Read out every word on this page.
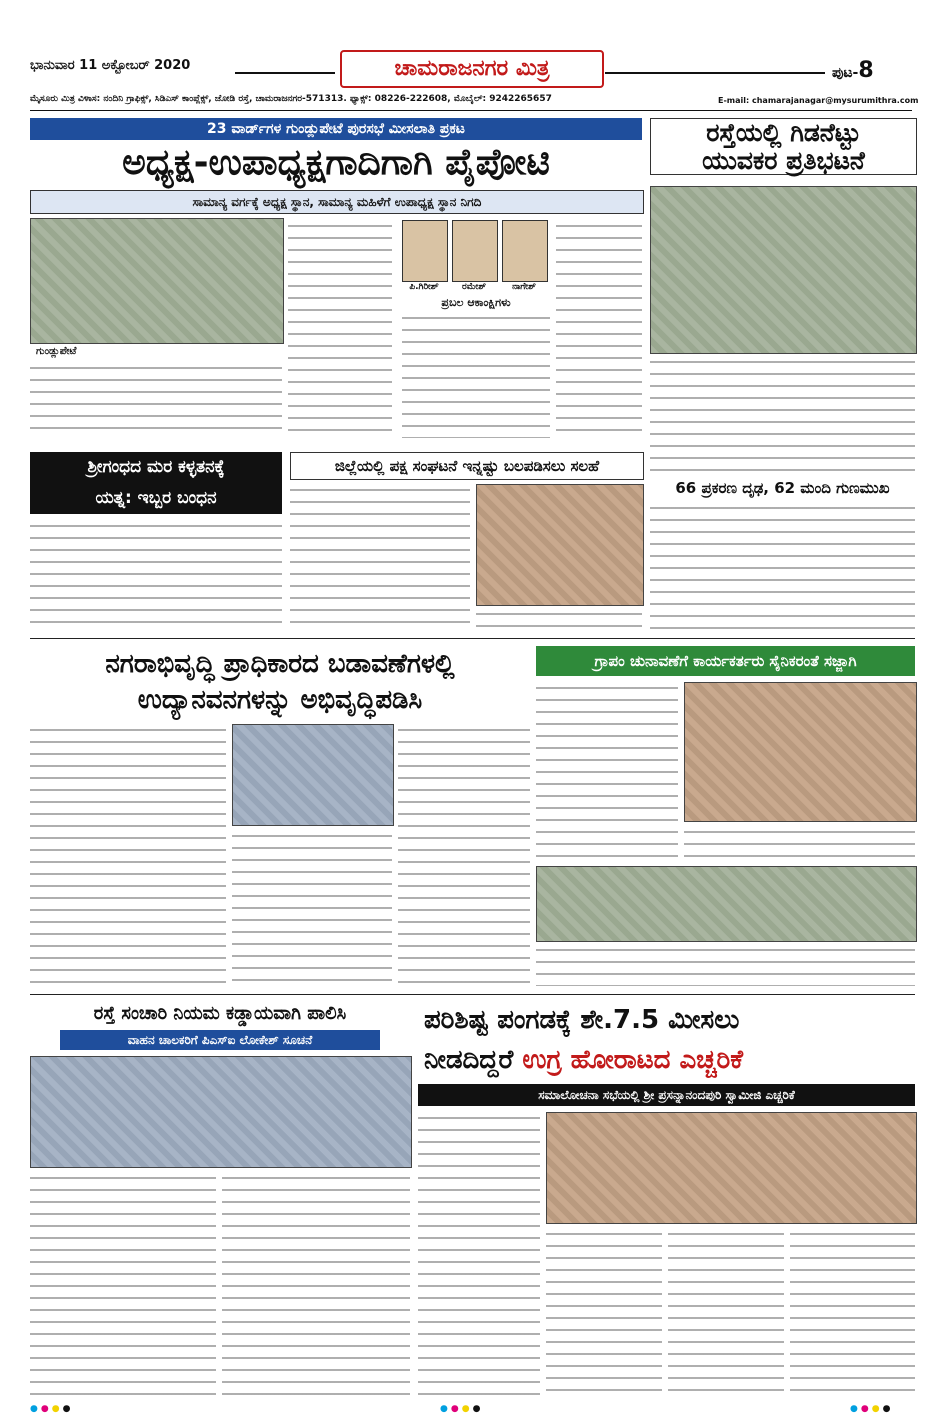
ಭಾನುವಾರ 11 ಅಕ್ಟೋಬರ್ 2020	ಚಾಮರಾಜನಗರ ಮಿತ್ರ	ಪುಟ-8
ಮೈಸೂರು ಮಿತ್ರ ವಿಳಾಸ: ನಂದಿನಿ ಗ್ರಾಫಿಕ್ಸ್, ಸಿಡಿಎಸ್ ಕಾಂಪ್ಲೆಕ್ಸ್, ಜೋಡಿ ರಸ್ತೆ, ಚಾಮರಾಜನಗರ-571313. ಫ್ಯಾಕ್ಸ್: 08226-222608, ಮೊಬೈಲ್: 9242265657	E-mail: chamarajanagar@mysurumithra.com
23 ವಾರ್ಡ್‌ಗಳ ಗುಂಡ್ಲುಪೇಟೆ ಪುರಸಭೆ ಮೀಸಲಾತಿ ಪ್ರಕಟ
ಅಧ್ಯಕ್ಷ-ಉಪಾಧ್ಯಕ್ಷಗಾದಿಗಾಗಿ ಪೈಪೋಟಿ
ಸಾಮಾನ್ಯ ವರ್ಗಕ್ಕೆ ಅಧ್ಯಕ್ಷ ಸ್ಥಾನ, ಸಾಮಾನ್ಯ ಮಹಿಳೆಗೆ ಉಪಾಧ್ಯಕ್ಷ ಸ್ಥಾನ ನಿಗದಿ
ಗುಂಡ್ಲುಪೇಟೆ
ಪಿ.ಗಿರೀಶ್	ರಮೇಶ್	ನಾಗೇಶ್
ಪ್ರಬಲ ಆಕಾಂಕ್ಷಿಗಳು
ರಸ್ತೆಯಲ್ಲಿ ಗಿಡನೆಟ್ಟು
ಯುವಕರ ಪ್ರತಿಭಟನೆ
ಶ್ರೀಗಂಧದ ಮರ ಕಳ್ಳತನಕ್ಕೆ
ಯತ್ನ: ಇಬ್ಬರ ಬಂಧನ
ಜಿಲ್ಲೆಯಲ್ಲಿ ಪಕ್ಷ ಸಂಘಟನೆ ಇನ್ನಷ್ಟು ಬಲಪಡಿಸಲು ಸಲಹೆ
66 ಪ್ರಕರಣ ದೃಢ, 62 ಮಂದಿ ಗುಣಮುಖ
ನಗರಾಭಿವೃದ್ಧಿ ಪ್ರಾಧಿಕಾರದ ಬಡಾವಣೆಗಳಲ್ಲಿ
ಉದ್ಯಾನವನಗಳನ್ನು ಅಭಿವೃದ್ಧಿಪಡಿಸಿ
ಗ್ರಾಪಂ ಚುನಾವಣೆಗೆ ಕಾರ್ಯಕರ್ತರು ಸೈನಿಕರಂತೆ ಸಜ್ಜಾಗಿ
ರಸ್ತೆ ಸಂಚಾರಿ ನಿಯಮ ಕಡ್ಡಾಯವಾಗಿ ಪಾಲಿಸಿ
ವಾಹನ ಚಾಲಕರಿಗೆ ಪಿಎಸ್ಐ ಲೋಕೇಶ್ ಸೂಚನೆ
ಪರಿಶಿಷ್ಟ ಪಂಗಡಕ್ಕೆ ಶೇ.7.5 ಮೀಸಲು
ನೀಡದಿದ್ದರೆ ಉಗ್ರ ಹೋರಾಟದ ಎಚ್ಚರಿಕೆ
ಸಮಾಲೋಚನಾ ಸಭೆಯಲ್ಲಿ ಶ್ರೀ ಪ್ರಸನ್ನಾನಂದಪುರಿ ಸ್ವಾಮೀಜಿ ಎಚ್ಚರಿಕೆ
●●●●	●●●●	●●●●
